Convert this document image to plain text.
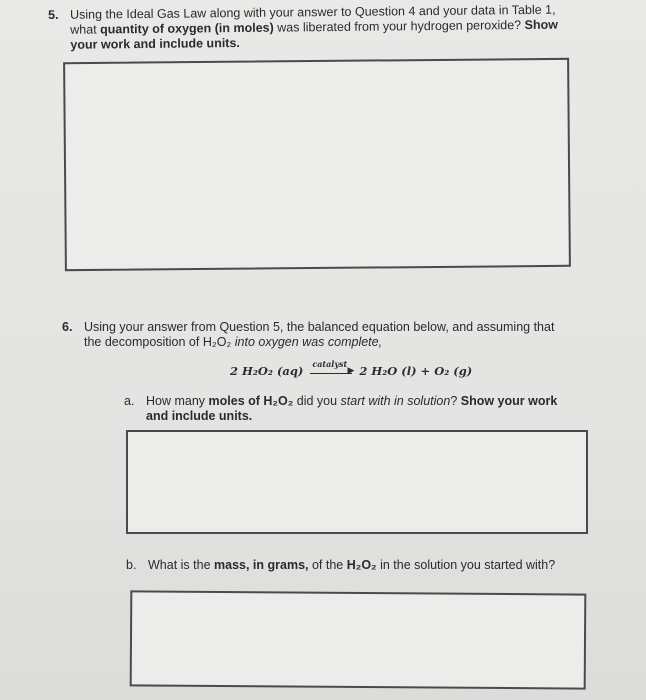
5. Using the Ideal Gas Law along with your answer to Question 4 and your data in Table 1, what quantity of oxygen (in moles) was liberated from your hydrogen peroxide? Show your work and include units.
6. Using your answer from Question 5, the balanced equation below, and assuming that the decomposition of H₂O₂ into oxygen was complete,
2 H₂O₂ (aq)
catalyst
▶ 2 H₂O (l) + O₂ (g)
a. How many moles of H₂O₂ did you start with in solution? Show your work and include units.
b. What is the mass, in grams, of the H₂O₂ in the solution you started with?
